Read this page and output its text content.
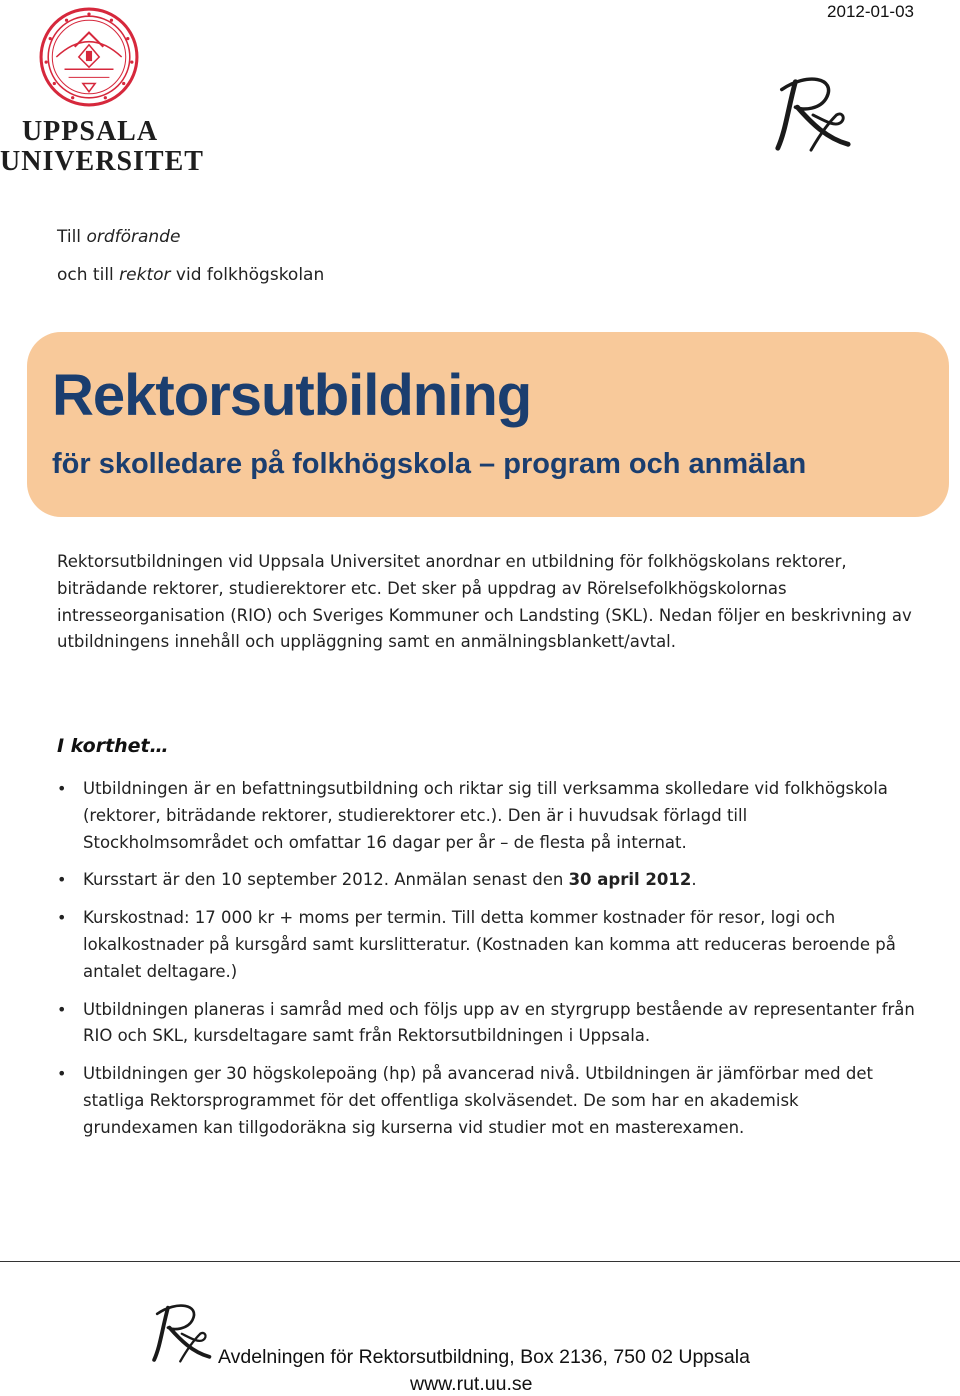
2012-01-03
UPPSALA
UNIVERSITET
Till ordförande
och till rektor vid folkhögskolan
Rektorsutbildning
för skolledare på folkhögskola – program och anmälan
Rektorsutbildningen vid Uppsala Universitet anordnar en utbildning för folkhögskolans rektorer, biträdande rektorer, studierektorer etc. Det sker på uppdrag av Rörelsefolkhögskolornas intresseorganisation (RIO) och Sveriges Kommuner och Landsting (SKL). Nedan följer en beskrivning av utbildningens innehåll och uppläggning samt en anmälningsblankett/avtal.
I korthet…
• Utbildningen är en befattningsutbildning och riktar sig till verksamma skolledare vid folkhögskola (rektorer, biträdande rektorer, studierektorer etc.). Den är i huvudsak förlagd till Stockholmsområdet och omfattar 16 dagar per år – de flesta på internat.
• Kursstart är den 10 september 2012. Anmälan senast den 30 april 2012.
• Kurskostnad: 17 000 kr + moms per termin. Till detta kommer kostnader för resor, logi och lokalkostnader på kursgård samt kurslitteratur. (Kostnaden kan komma att reduceras beroende på antalet deltagare.)
• Utbildningen planeras i samråd med och följs upp av en styrgrupp bestående av representanter från RIO och SKL, kursdeltagare samt från Rektorsutbildningen i Uppsala.
• Utbildningen ger 30 högskolepoäng (hp) på avancerad nivå. Utbildningen är jämförbar med det statliga Rektorsprogrammet för det offentliga skolväsendet. De som har en akademisk grundexamen kan tillgodoräkna sig kurserna vid studier mot en masterexamen.
Avdelningen för Rektorsutbildning, Box 2136, 750 02 Uppsala
www.rut.uu.se
